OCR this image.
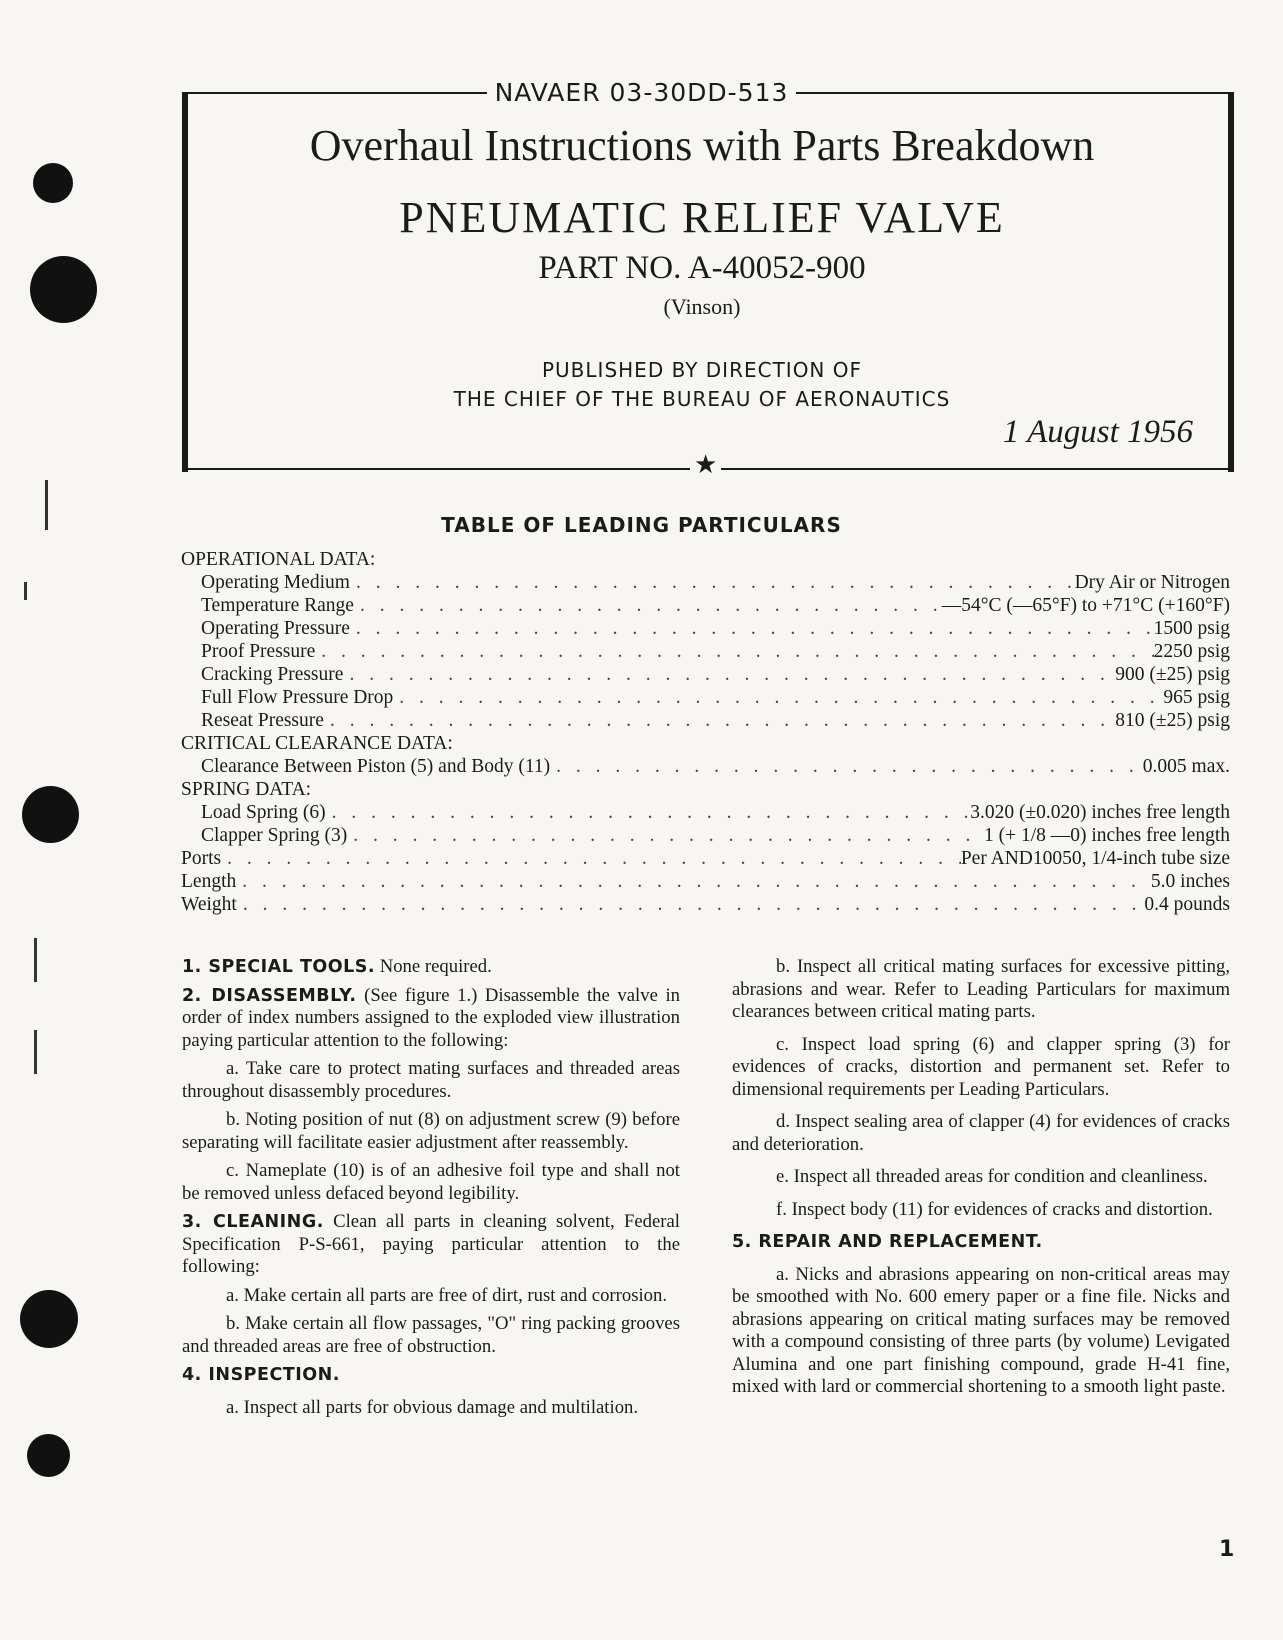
NAVAER 03-30DD-513
Overhaul Instructions with Parts Breakdown
PNEUMATIC RELIEF VALVE
PART NO. A-40052-900
(Vinson)
PUBLISHED BY DIRECTION OF
THE CHIEF OF THE BUREAU OF AERONAUTICS
1 August 1956
★
TABLE OF LEADING PARTICULARS
OPERATIONAL DATA:
Operating Medium . . .	Dry Air or Nitrogen
Temperature Range . . .	—54°C (—65°F) to +71°C (+160°F)
Operating Pressure . . .	1500 psig
Proof Pressure . . .	2250 psig
Cracking Pressure . . .	900 (±25) psig
Full Flow Pressure Drop . . .	965 psig
Reseat Pressure . . .	810 (±25) psig
CRITICAL CLEARANCE DATA:
Clearance Between Piston (5) and Body (11) . . .	0.005 max.
SPRING DATA:
Load Spring (6) . . .	3.020 (±0.020) inches free length
Clapper Spring (3) . . .	1 (+ 1/8 —0) inches free length
Ports . . .	Per AND10050, 1/4-inch tube size
Length . . .	5.0 inches
Weight . . .	0.4 pounds

1. SPECIAL TOOLS. None required.

2. DISASSEMBLY. (See figure 1.) Disassemble the valve in order of index numbers assigned to the exploded view illustration paying particular attention to the following:

a. Take care to protect mating surfaces and threaded areas throughout disassembly procedures.

b. Noting position of nut (8) on adjustment screw (9) before separating will facilitate easier adjustment after reassembly.

c. Nameplate (10) is of an adhesive foil type and shall not be removed unless defaced beyond legibility.

3. CLEANING. Clean all parts in cleaning solvent, Federal Specification P-S-661, paying particular attention to the following:

a. Make certain all parts are free of dirt, rust and corrosion.

b. Make certain all flow passages, "O" ring packing grooves and threaded areas are free of obstruction.

4. INSPECTION.

a. Inspect all parts for obvious damage and multilation.

b. Inspect all critical mating surfaces for excessive pitting, abrasions and wear. Refer to Leading Particulars for maximum clearances between critical mating parts.

c. Inspect load spring (6) and clapper spring (3) for evidences of cracks, distortion and permanent set. Refer to dimensional requirements per Leading Particulars.

d. Inspect sealing area of clapper (4) for evidences of cracks and deterioration.

e. Inspect all threaded areas for condition and cleanliness.

f. Inspect body (11) for evidences of cracks and distortion.

5. REPAIR AND REPLACEMENT.

a. Nicks and abrasions appearing on non-critical areas may be smoothed with No. 600 emery paper or a fine file. Nicks and abrasions appearing on critical mating surfaces may be removed with a compound consisting of three parts (by volume) Levigated Alumina and one part finishing compound, grade H-41 fine, mixed with lard or commercial shortening to a smooth light paste.

1
